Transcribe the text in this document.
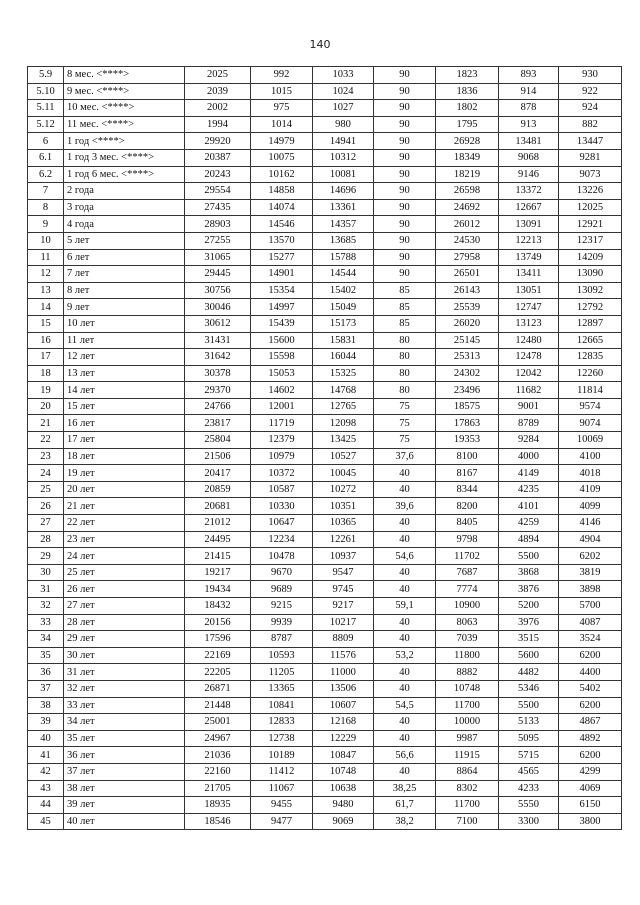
140
5.9	8 мес. <****>	2025	992	1033	90	1823	893	930
5.10	9 мес. <****>	2039	1015	1024	90	1836	914	922
5.11	10 мес. <****>	2002	975	1027	90	1802	878	924
5.12	11 мес. <****>	1994	1014	980	90	1795	913	882
6	1 год <****>	29920	14979	14941	90	26928	13481	13447
6.1	1 год 3 мес. <****>	20387	10075	10312	90	18349	9068	9281
6.2	1 год 6 мес. <****>	20243	10162	10081	90	18219	9146	9073
7	2 года	29554	14858	14696	90	26598	13372	13226
8	3 года	27435	14074	13361	90	24692	12667	12025
9	4 года	28903	14546	14357	90	26012	13091	12921
10	5 лет	27255	13570	13685	90	24530	12213	12317
11	6 лет	31065	15277	15788	90	27958	13749	14209
12	7 лет	29445	14901	14544	90	26501	13411	13090
13	8 лет	30756	15354	15402	85	26143	13051	13092
14	9 лет	30046	14997	15049	85	25539	12747	12792
15	10 лет	30612	15439	15173	85	26020	13123	12897
16	11 лет	31431	15600	15831	80	25145	12480	12665
17	12 лет	31642	15598	16044	80	25313	12478	12835
18	13 лет	30378	15053	15325	80	24302	12042	12260
19	14 лет	29370	14602	14768	80	23496	11682	11814
20	15 лет	24766	12001	12765	75	18575	9001	9574
21	16 лет	23817	11719	12098	75	17863	8789	9074
22	17 лет	25804	12379	13425	75	19353	9284	10069
23	18 лет	21506	10979	10527	37,6	8100	4000	4100
24	19 лет	20417	10372	10045	40	8167	4149	4018
25	20 лет	20859	10587	10272	40	8344	4235	4109
26	21 лет	20681	10330	10351	39,6	8200	4101	4099
27	22 лет	21012	10647	10365	40	8405	4259	4146
28	23 лет	24495	12234	12261	40	9798	4894	4904
29	24 лет	21415	10478	10937	54,6	11702	5500	6202
30	25 лет	19217	9670	9547	40	7687	3868	3819
31	26 лет	19434	9689	9745	40	7774	3876	3898
32	27 лет	18432	9215	9217	59,1	10900	5200	5700
33	28 лет	20156	9939	10217	40	8063	3976	4087
34	29 лет	17596	8787	8809	40	7039	3515	3524
35	30 лет	22169	10593	11576	53,2	11800	5600	6200
36	31 лет	22205	11205	11000	40	8882	4482	4400
37	32 лет	26871	13365	13506	40	10748	5346	5402
38	33 лет	21448	10841	10607	54,5	11700	5500	6200
39	34 лет	25001	12833	12168	40	10000	5133	4867
40	35 лет	24967	12738	12229	40	9987	5095	4892
41	36 лет	21036	10189	10847	56,6	11915	5715	6200
42	37 лет	22160	11412	10748	40	8864	4565	4299
43	38 лет	21705	11067	10638	38,25	8302	4233	4069
44	39 лет	18935	9455	9480	61,7	11700	5550	6150
45	40 лет	18546	9477	9069	38,2	7100	3300	3800
